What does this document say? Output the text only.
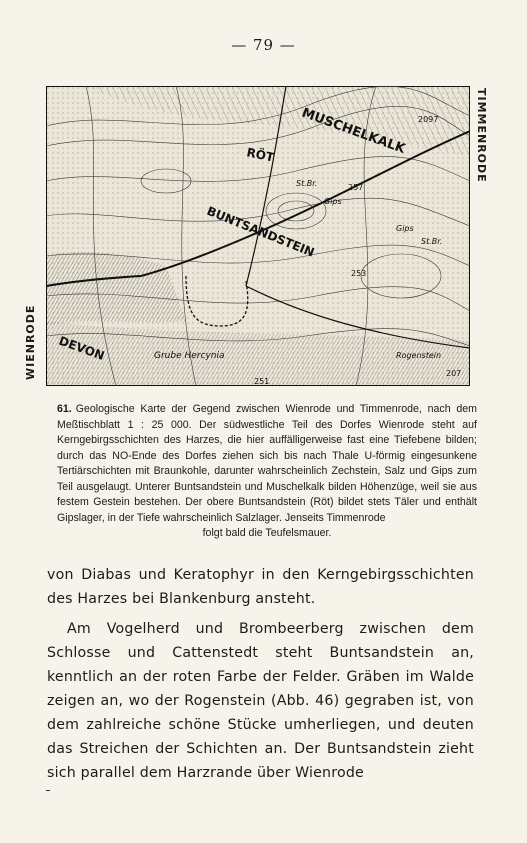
— 79 —
TIMMENRODE
WIENRODE
MUSCHELKALK
RÖT
BUNTSANDSTEIN
DEVON	Grube Hercynia	Rogenstein
Gips
Gips
St.Br.
St.Br.
2097
257
253
207
251
61. Geologische Karte der Gegend zwischen Wienrode und Timmenrode, nach dem Meßtischblatt 1 : 25 000. Der südwestliche Teil des Dorfes Wienrode steht auf Kerngebirgsschichten des Harzes, die hier auffälligerweise fast eine Tiefebene bilden; durch das NO-Ende des Dorfes ziehen sich bis nach Thale U-förmig eingesunkene Tertiärschichten mit Braunkohle, darunter wahrscheinlich Zechstein, Salz und Gips zum Teil ausgelaugt. Unterer Buntsandstein und Muschelkalk bilden Höhenzüge, weil sie aus festem Gestein bestehen. Der obere Buntsandstein (Röt) bildet stets Täler und enthält Gipslager, in der Tiefe wahrscheinlich Salzlager. Jenseits Timmenrode
folgt bald die Teufelsmauer.

von Diabas und Keratophyr in den Kerngebirgsschichten des Harzes bei Blankenburg ansteht.

Am Vogelherd und Brombeerberg zwischen dem Schlosse und Cattenstedt steht Buntsandstein an, kenntlich an der roten Farbe der Felder. Gräben im Walde zeigen an, wo der Rogenstein (Abb. 46) gegraben ist, von dem zahlreiche schöne Stücke umherliegen, und deuten das Streichen der Schichten an. Der Buntsandstein zieht sich parallel dem Harzrande über Wienrode
